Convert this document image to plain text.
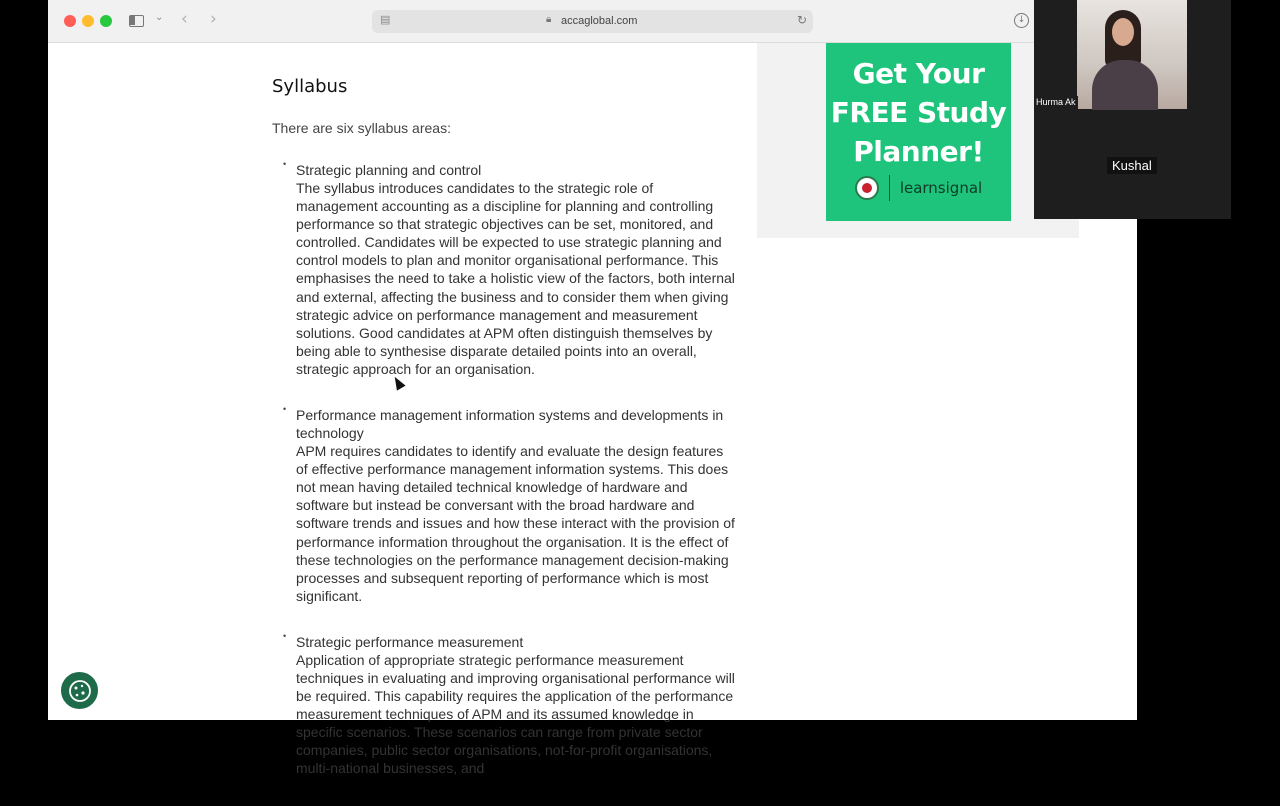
⌄ ‹ ›	▤	🔒︎ accaglobal.com	↻	↓
Syllabus

There are six syllabus areas:

• Strategic planning and control
The syllabus introduces candidates to the strategic role of management accounting as a discipline for planning and controlling performance so that strategic objectives can be set, monitored, and controlled. Candidates will be expected to use strategic planning and control models to plan and monitor organisational performance. This emphasises the need to take a holistic view of the factors, both internal and external, affecting the business and to consider them when giving strategic advice on performance management and measurement solutions. Good candidates at APM often distinguish themselves by being able to synthesise disparate detailed points into an overall, strategic approach for an organisation.
• Performance management information systems and developments in technology
APM requires candidates to identify and evaluate the design features of effective performance management information systems. This does not mean having detailed technical knowledge of hardware and software but instead be conversant with the broad hardware and software trends and issues and how these interact with the provision of performance information throughout the organisation. It is the effect of these technologies on the performance management decision-making processes and subsequent reporting of performance which is most significant.
• Strategic performance measurement
Application of appropriate strategic performance measurement techniques in evaluating and improving organisational performance will be required. This capability requires the application of the performance measurement techniques of APM and its assumed knowledge in specific scenarios. These scenarios can range from private sector companies, public sector organisations, not-for-profit organisations, multi-national businesses, and
Get Your
FREE Study
Planner!
learnsignal
Hurma Ak
Kushal
